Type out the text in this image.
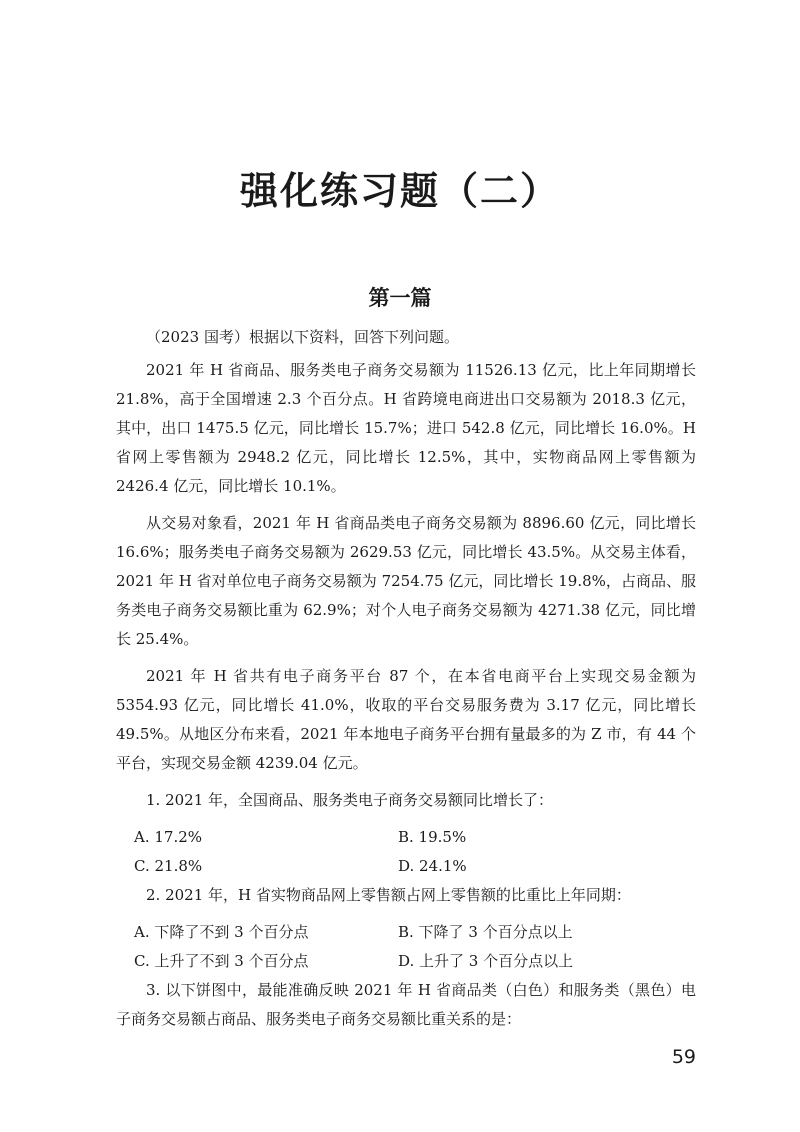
强化练习题（二）
第一篇

（2023 国考）根据以下资料，回答下列问题。

2021 年 H 省商品、服务类电子商务交易额为 11526.13 亿元，比上年同期增长 21.8%，高于全国增速 2.3 个百分点。H 省跨境电商进出口交易额为 2018.3 亿元，其中，出口 1475.5 亿元，同比增长 15.7%；进口 542.8 亿元，同比增长 16.0%。H 省网上零售额为 2948.2 亿元，同比增长 12.5%，其中，实物商品网上零售额为 2426.4 亿元，同比增长 10.1%。

从交易对象看，2021 年 H 省商品类电子商务交易额为 8896.60 亿元，同比增长 16.6%；服务类电子商务交易额为 2629.53 亿元，同比增长 43.5%。从交易主体看，2021 年 H 省对单位电子商务交易额为 7254.75 亿元，同比增长 19.8%，占商品、服务类电子商务交易额比重为 62.9%；对个人电子商务交易额为 4271.38 亿元，同比增长 25.4%。

2021 年 H 省共有电子商务平台 87 个，在本省电商平台上实现交易金额为 5354.93 亿元，同比增长 41.0%，收取的平台交易服务费为 3.17 亿元，同比增长 49.5%。从地区分布来看，2021 年本地电子商务平台拥有量最多的为 Z 市，有 44 个平台，实现交易金额 4239.04 亿元。

1. 2021 年，全国商品、服务类电子商务交易额同比增长了：

A. 17.2%	B. 19.5%
C. 21.8%	D. 24.1%

2. 2021 年，H 省实物商品网上零售额占网上零售额的比重比上年同期：

A. 下降了不到 3 个百分点	B. 下降了 3 个百分点以上
C. 上升了不到 3 个百分点	D. 上升了 3 个百分点以上

3. 以下饼图中，最能准确反映 2021 年 H 省商品类（白色）和服务类（黑色）电子商务交易额占商品、服务类电子商务交易额比重关系的是：

59
